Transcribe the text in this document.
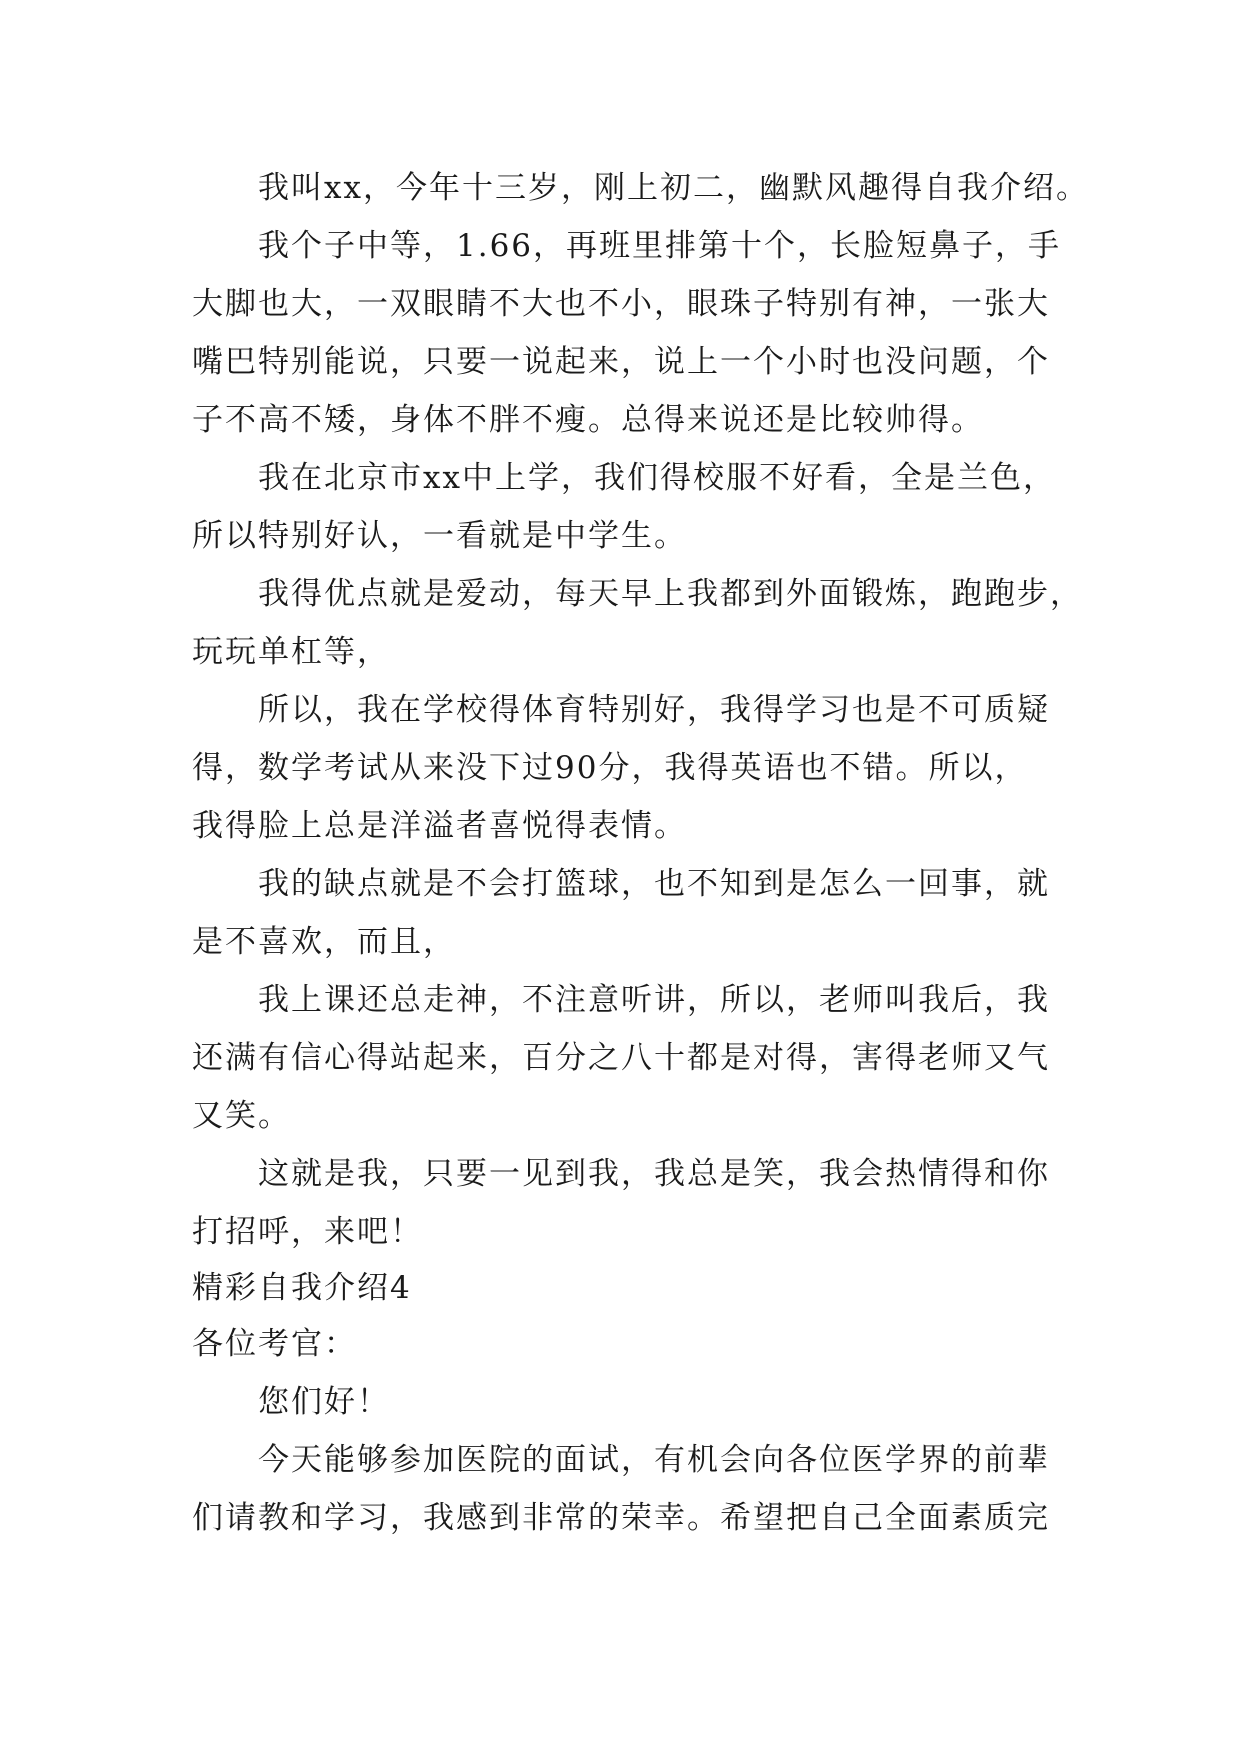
我叫xx，今年十三岁，刚上初二，幽默风趣得自我介绍。
我个子中等，1.66，再班里排第十个，长脸短鼻子，手
大脚也大，一双眼睛不大也不小，眼珠子特别有神，一张大
嘴巴特别能说，只要一说起来，说上一个小时也没问题，个
子不高不矮，身体不胖不瘦。总得来说还是比较帅得。
我在北京市xx中上学，我们得校服不好看，全是兰色，
所以特别好认，一看就是中学生。
我得优点就是爱动，每天早上我都到外面锻炼，跑跑步，
玩玩单杠等，
所以，我在学校得体育特别好，我得学习也是不可质疑
得，数学考试从来没下过90分，我得英语也不错。所以，
我得脸上总是洋溢者喜悦得表情。
我的缺点就是不会打篮球，也不知到是怎么一回事，就
是不喜欢，而且，
我上课还总走神，不注意听讲，所以，老师叫我后，我
还满有信心得站起来，百分之八十都是对得，害得老师又气
又笑。
这就是我，只要一见到我，我总是笑，我会热情得和你
打招呼，来吧！
精彩自我介绍4
各位考官：
您们好！
今天能够参加医院的面试，有机会向各位医学界的前辈
们请教和学习，我感到非常的荣幸。希望把自己全面素质完
